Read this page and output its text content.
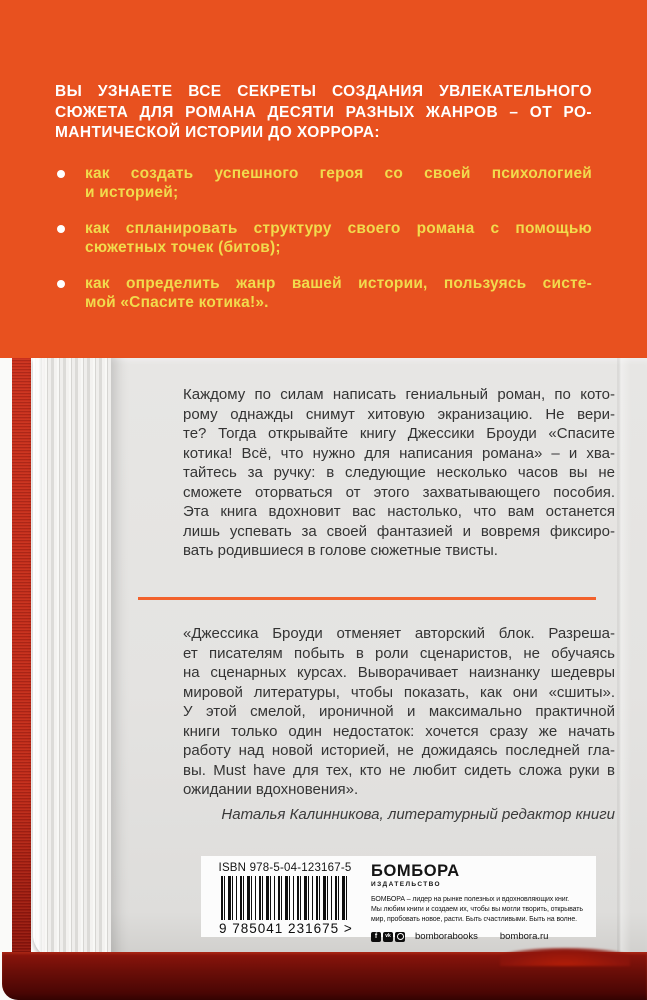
ВЫ УЗНАЕТЕ ВСЕ СЕКРЕТЫ СОЗДАНИЯ УВЛЕКАТЕЛЬНОГО
СЮЖЕТА ДЛЯ РОМАНА ДЕСЯТИ РАЗНЫХ ЖАНРОВ – ОТ РО-
МАНТИЧЕСКОЙ ИСТОРИИ ДО ХОРРОРА:
как создать успешного героя со своей психологией
и историей;
как спланировать структуру своего романа с помощью
сюжетных точек (битов);
как определить жанр вашей истории, пользуясь систе-
мой «Спасите котика!».
Каждому по силам написать гениальный роман, по кото-
рому однажды снимут хитовую экранизацию. Не вери-
те? Тогда открывайте книгу Джессики Броуди «Спасите
котика! Всё, что нужно для написания романа» – и хва-
тайтесь за ручку: в следующие несколько часов вы не
сможете оторваться от этого захватывающего пособия.
Эта книга вдохновит вас настолько, что вам останется
лишь успевать за своей фантазией и вовремя фиксиро-
вать родившиеся в голове сюжетные твисты.
«Джессика Броуди отменяет авторский блок. Разреша-
ет писателям побыть в роли сценаристов, не обучаясь
на сценарных курсах. Выворачивает наизнанку шедевры
мировой литературы, чтобы показать, как они «сшиты».
У этой смелой, ироничной и максимально практичной
книги только один недостаток: хочется сразу же начать
работу над новой историей, не дожидаясь последней гла-
вы. Must have для тех, кто не любит сидеть сложа руки в
ожидании вдохновения».
Наталья Калинникова, литературный редактор книги
ISBN 978-5-04-123167-5
9 785041 231675 >
БОМБОРА
ИЗДАТЕЛЬСТВО
БОМБОРА – лидер на рынке полезных и вдохновляющих книг.
Мы любим книги и создаем их, чтобы вы могли творить, открывать
мир, пробовать новое, расти. Быть счастливыми. Быть на волне.
f	vk	bomborabooks bombora.ru
